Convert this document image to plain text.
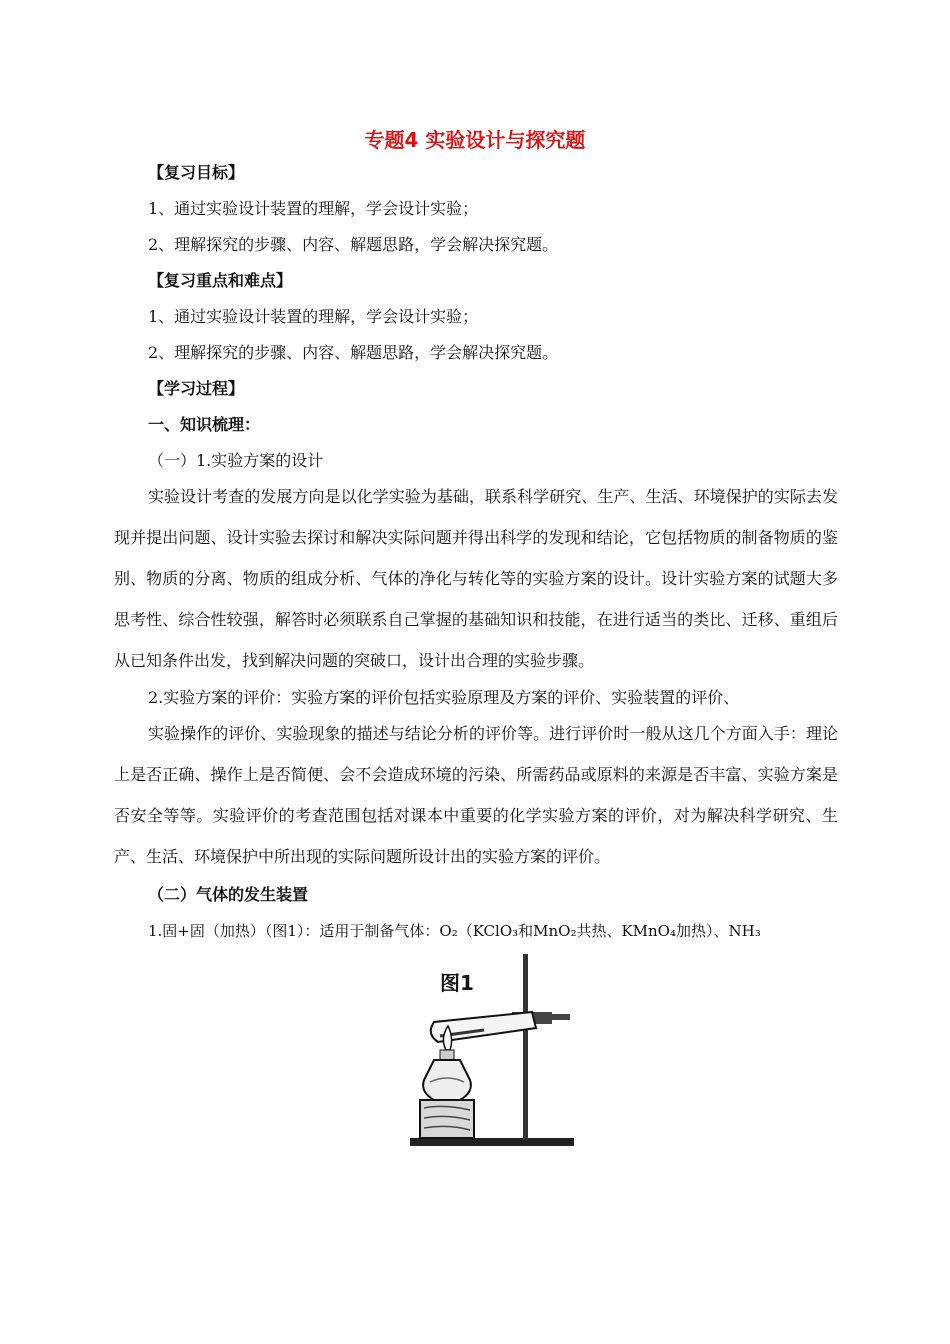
专题4 实验设计与探究题
【复习目标】
1、通过实验设计装置的理解，学会设计实验；
2、理解探究的步骤、内容、解题思路，学会解决探究题。
【复习重点和难点】
1、通过实验设计装置的理解，学会设计实验；
2、理解探究的步骤、内容、解题思路，学会解决探究题。
【学习过程】
一、知识梳理：
（一）1.实验方案的设计
实验设计考查的发展方向是以化学实验为基础，联系科学研究、生产、生活、环境保护的实际去发现并提出问题、设计实验去探讨和解决实际问题并得出科学的发现和结论，它包括物质的制备物质的鉴别、物质的分离、物质的组成分析、气体的净化与转化等的实验方案的设计。设计实验方案的试题大多思考性、综合性较强，解答时必须联系自己掌握的基础知识和技能，在进行适当的类比、迁移、重组后从已知条件出发，找到解决问题的突破口，设计出合理的实验步骤。
2.实验方案的评价：实验方案的评价包括实验原理及方案的评价、实验装置的评价、
实验操作的评价、实验现象的描述与结论分析的评价等。进行评价时一般从这几个方面入手：理论上是否正确、操作上是否简便、会不会造成环境的污染、所需药品或原料的来源是否丰富、实验方案是否安全等等。实验评价的考查范围包括对课本中重要的化学实验方案的评价，对为解决科学研究、生产、生活、环境保护中所出现的实际问题所设计出的实验方案的评价。
（二）气体的发生装置
1.固+固（加热）（图1）：适用于制备气体：O₂（KClO₃和MnO₂共热、KMnO₄加热）、NH₃
图1
